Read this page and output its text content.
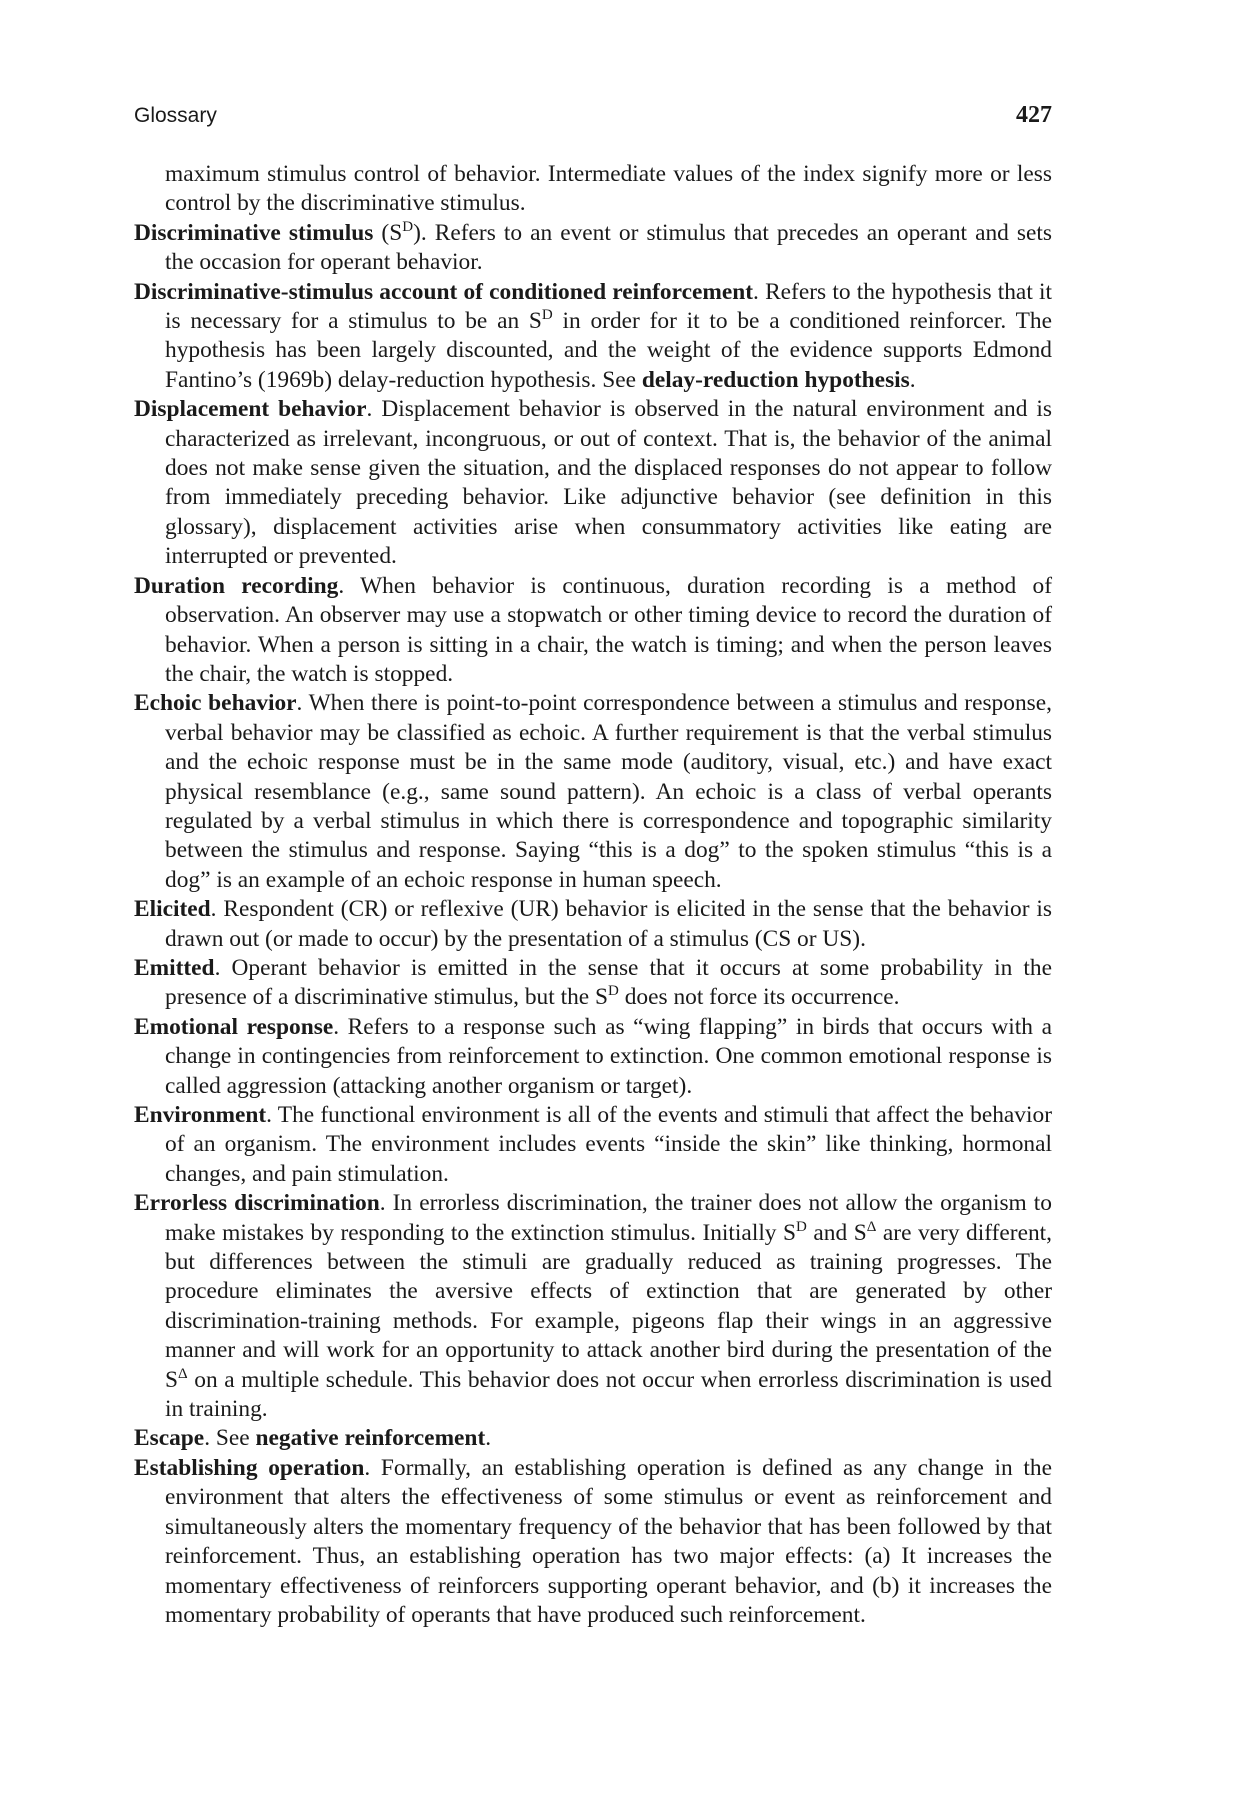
Glossary	427

maximum stimulus control of behavior. Intermediate values of the index signify more or less control by the discriminative stimulus.

Discriminative stimulus $(S^D)$. Refers to an event or stimulus that precedes an operant and sets the occasion for operant behavior.

Discriminative-stimulus account of conditioned reinforcement. Refers to the hypothesis that it is necessary for a stimulus to be an $S^D$ in order for it to be a conditioned reinforcer. The hypothesis has been largely discounted, and the weight of the evidence supports Edmond Fantino’s (1969b) delay-reduction hypothesis. See delay-reduction hypothesis.

Displacement behavior. Displacement behavior is observed in the natural environment and is characterized as irrelevant, incongruous, or out of context. That is, the behavior of the animal does not make sense given the situation, and the displaced responses do not appear to follow from immediately preceding behavior. Like adjunctive behavior (see definition in this glossary), displacement activities arise when consummatory activities like eating are interrupted or prevented.

Duration recording. When behavior is continuous, duration recording is a method of observation. An observer may use a stopwatch or other timing device to record the duration of behavior. When a person is sitting in a chair, the watch is timing; and when the person leaves the chair, the watch is stopped.

Echoic behavior. When there is point-to-point correspondence between a stimulus and response, verbal behavior may be classified as echoic. A further requirement is that the verbal stimulus and the echoic response must be in the same mode (auditory, visual, etc.) and have exact physical resemblance (e.g., same sound pattern). An echoic is a class of verbal operants regulated by a verbal stimulus in which there is correspondence and topographic similarity between the stimulus and response. Saying “this is a dog” to the spoken stimulus “this is a dog” is an example of an echoic response in human speech.

Elicited. Respondent (CR) or reflexive (UR) behavior is elicited in the sense that the behavior is drawn out (or made to occur) by the presentation of a stimulus (CS or US).

Emitted. Operant behavior is emitted in the sense that it occurs at some probability in the presence of a discriminative stimulus, but the $S^D$ does not force its occurrence.

Emotional response. Refers to a response such as “wing flapping” in birds that occurs with a change in contingencies from reinforcement to extinction. One common emotional response is called aggression (attacking another organism or target).

Environment. The functional environment is all of the events and stimuli that affect the behavior of an organism. The environment includes events “inside the skin” like thinking, hormonal changes, and pain stimulation.

Errorless discrimination. In errorless discrimination, the trainer does not allow the organism to make mistakes by responding to the extinction stimulus. Initially $S^D$ and $S^\Delta$ are very different, but differences between the stimuli are gradually reduced as training progresses. The procedure eliminates the aversive effects of extinction that are generated by other discrimination-training methods. For example, pigeons flap their wings in an aggressive manner and will work for an opportunity to attack another bird during the presentation of the $S^\Delta$ on a multiple schedule. This behavior does not occur when errorless discrimination is used in training.

Escape. See negative reinforcement.

Establishing operation. Formally, an establishing operation is defined as any change in the environment that alters the effectiveness of some stimulus or event as reinforcement and simultaneously alters the momentary frequency of the behavior that has been followed by that reinforcement. Thus, an establishing operation has two major effects: (a) It increases the momentary effectiveness of reinforcers supporting operant behavior, and (b) it increases the momentary probability of operants that have produced such reinforcement.
